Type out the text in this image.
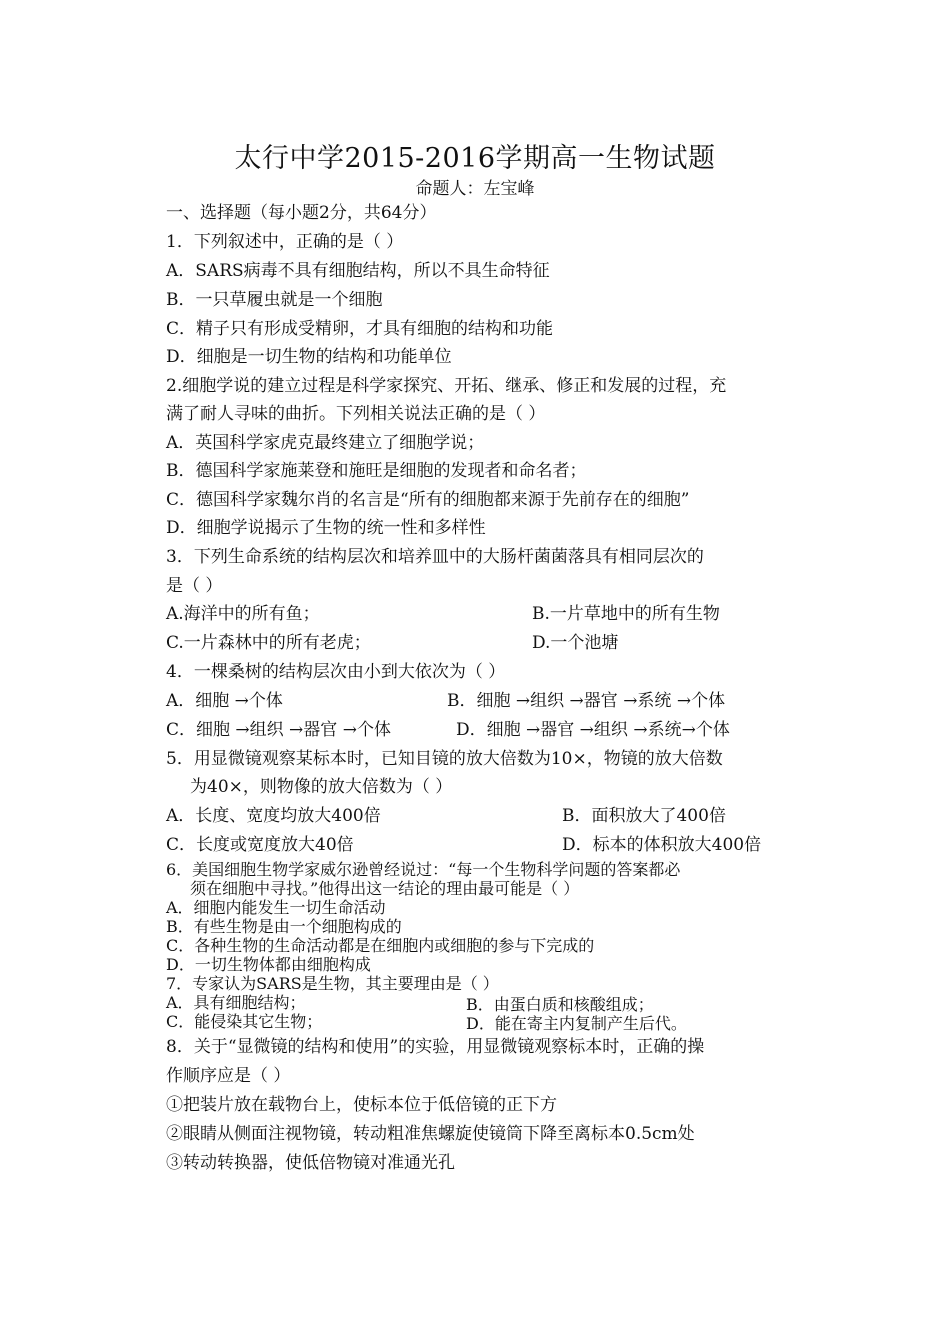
太行中学2015-2016学期高一生物试题
命题人：左宝峰
一、选择题（每小题2分，共64分）
1．下列叙述中，正确的是（ ）
A．SARS病毒不具有细胞结构，所以不具生命特征
B．一只草履虫就是一个细胞
C．精子只有形成受精卵，才具有细胞的结构和功能
D．细胞是一切生物的结构和功能单位
2.细胞学说的建立过程是科学家探究、开拓、继承、修正和发展的过程，充
满了耐人寻味的曲折。下列相关说法正确的是（ ）
A．英国科学家虎克最终建立了细胞学说；
B．德国科学家施莱登和施旺是细胞的发现者和命名者；
C．德国科学家魏尔肖的名言是“所有的细胞都来源于先前存在的细胞”
D．细胞学说揭示了生物的统一性和多样性
3．下列生命系统的结构层次和培养皿中的大肠杆菌菌落具有相同层次的
是（ ）
A.海洋中的所有鱼；	B.一片草地中的所有生物
C.一片森林中的所有老虎；	D.一个池塘
4．一棵桑树的结构层次由小到大依次为（ ）
A．细胞 →个体	B．细胞 →组织 →器官 →系统 →个体
C．细胞 →组织 →器官 →个体	D．细胞 →器官 →组织 →系统→个体
5．用显微镜观察某标本时，已知目镜的放大倍数为10×，物镜的放大倍数
为40×，则物像的放大倍数为（ ）
A．长度、宽度均放大400倍	B．面积放大了400倍
C．长度或宽度放大40倍	D．标本的体积放大400倍
6．美国细胞生物学家威尔逊曾经说过：“每一个生物科学问题的答案都必
须在细胞中寻找。”他得出这一结论的理由最可能是（ ）
A．细胞内能发生一切生命活动
B．有些生物是由一个细胞构成的
C．各种生物的生命活动都是在细胞内或细胞的参与下完成的
D．一切生物体都由细胞构成
7．专家认为SARS是生物，其主要理由是（ ）
A．具有细胞结构；	B．由蛋白质和核酸组成；
C．能侵染其它生物；	D．能在寄主内复制产生后代。
8．关于“显微镜的结构和使用”的实验，用显微镜观察标本时，正确的操
作顺序应是（ ）
①把装片放在载物台上，使标本位于低倍镜的正下方
②眼睛从侧面注视物镜，转动粗准焦螺旋使镜筒下降至离标本0.5cm处
③转动转换器，使低倍物镜对准通光孔
